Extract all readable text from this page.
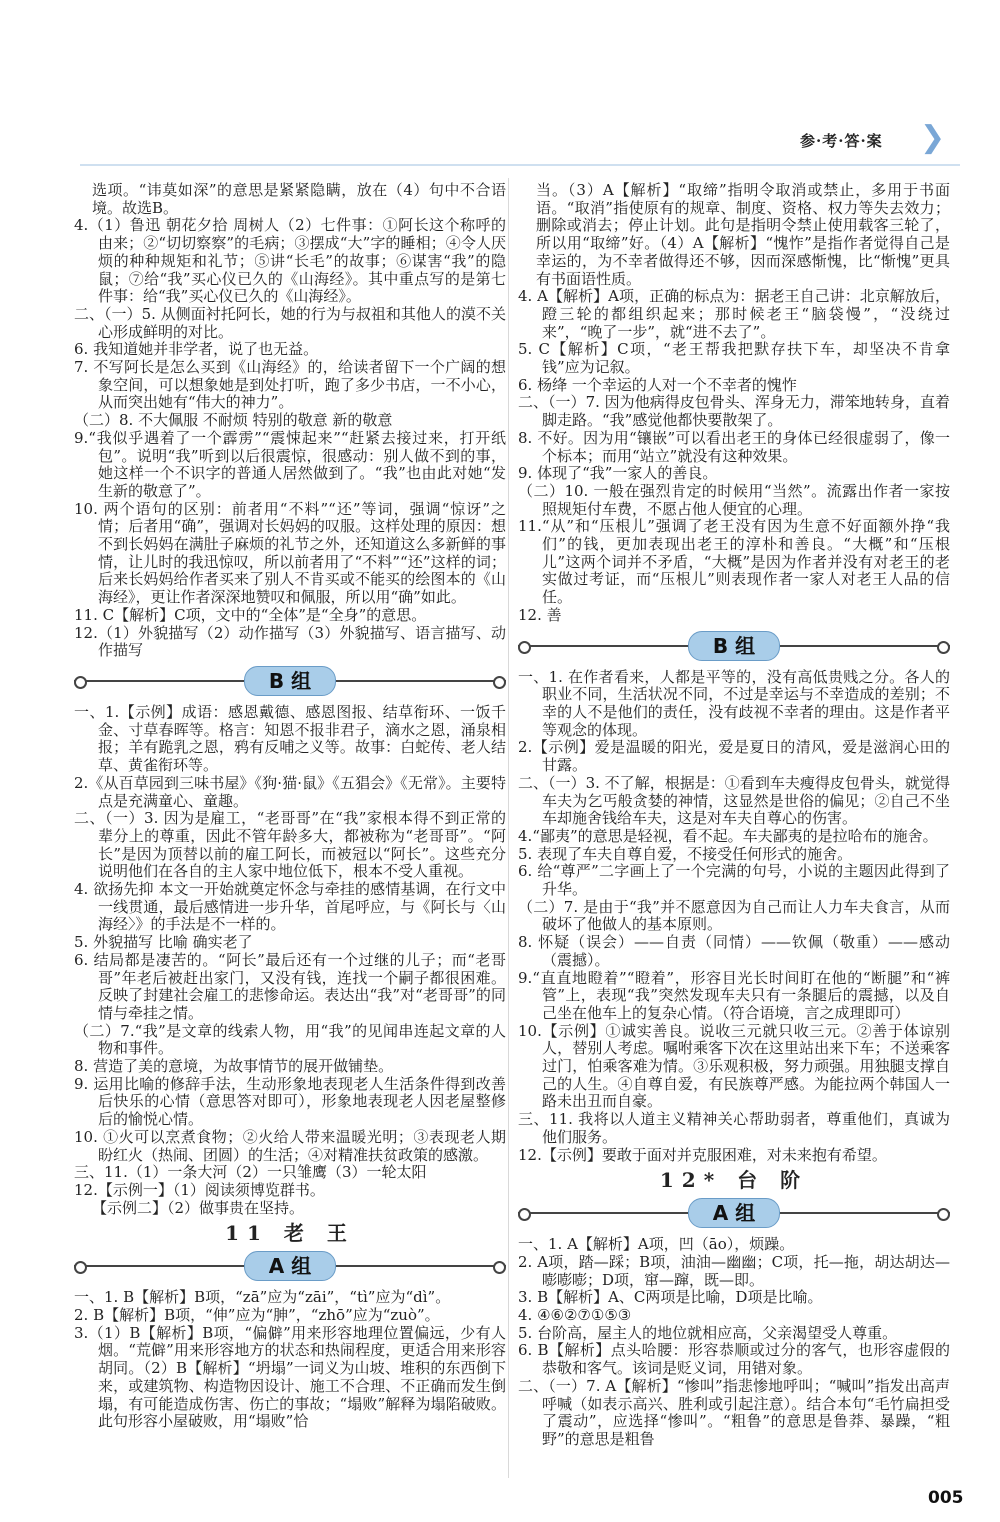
参·考·答·案 ❯

选项。“讳莫如深”的意思是紧紧隐瞒，放在（4）句中不合语境。故选B。

4.（1）鲁迅 朝花夕拾 周树人（2）七件事：①阿长这个称呼的由来；②“切切察察”的毛病；③摆成“大”字的睡相；④令人厌烦的种种规矩和礼节；⑤讲“长毛”的故事；⑥谋害“我”的隐鼠；⑦给“我”买心仪已久的《山海经》。其中重点写的是第七件事：给“我”买心仪已久的《山海经》。

二、（一）5. 从侧面衬托阿长，她的行为与叔祖和其他人的漠不关心形成鲜明的对比。

6. 我知道她并非学者，说了也无益。

7. 不写阿长是怎么买到《山海经》的，给读者留下一个广阔的想象空间，可以想象她是到处打听，跑了多少书店，一不小心，从而突出她有“伟大的神力”。

（二）8. 不大佩服 不耐烦 特别的敬意 新的敬意

9.“我似乎遇着了一个霹雳”“震悚起来”“赶紧去接过来，打开纸包”。说明“我”听到以后很震惊，很感动：别人做不到的事，她这样一个不识字的普通人居然做到了。“我”也由此对她“发生新的敬意了”。

10. 两个语句的区别：前者用“不料”“还”等词，强调“惊讶”之情；后者用“确”，强调对长妈妈的叹服。这样处理的原因：想不到长妈妈在满肚子麻烦的礼节之外，还知道这么多新鲜的事情，让儿时的我迅惊叹，所以前者用了“不料”“还”这样的词；后来长妈妈给作者买来了别人不肯买或不能买的绘图本的《山海经》，更让作者深深地赞叹和佩服，所以用“确”如此。

11. C【解析】C项，文中的“全体”是“全身”的意思。

12.（1）外貌描写（2）动作描写（3）外貌描写、语言描写、动作描写

B 组

一、1.【示例】成语：感恩戴德、感恩图报、结草衔环、一饭千金、寸草春晖等。格言：知恩不报非君子，滴水之恩，涌泉相报；羊有跪乳之恩，鸦有反哺之义等。故事：白蛇传、老人结草、黄雀衔环等。

2.《从百草园到三味书屋》《狗·猫·鼠》《五猖会》《无常》。主要特点是充满童心、童趣。

二、（一）3. 因为是雇工，“老哥哥”在“我”家根本得不到正常的辈分上的尊重，因此不管年龄多大，都被称为“老哥哥”。“阿长”是因为顶替以前的雇工阿长，而被冠以“阿长”。这些充分说明他们在各自的主人家中地位低下，根本不受人重视。

4. 欲扬先抑 本文一开始就奠定怀念与牵挂的感情基调，在行文中一线贯通，最后感情进一步升华，首尾呼应，与《阿长与〈山海经〉》的手法是不一样的。

5. 外貌描写 比喻 确实老了

6. 结局都是凄苦的。“阿长”最后还有一个过继的儿子；而“老哥哥”年老后被赶出家门，又没有钱，连找一个嗣子都很困难。反映了封建社会雇工的悲惨命运。表达出“我”对“老哥哥”的同情与牵挂之情。

（二）7.“我”是文章的线索人物，用“我”的见闻串连起文章的人物和事件。

8. 营造了美的意境，为故事情节的展开做铺垫。

9. 运用比喻的修辞手法，生动形象地表现老人生活条件得到改善后快乐的心情（意思答对即可），形象地表现老人因老屋整修后的愉悦心情。

10. ①火可以烹煮食物；②火给人带来温暖光明；③表现老人期盼红火（热闹、团圆）的生活；④对精准扶贫政策的感激。

三、11.（1）一条大河（2）一只雏鹰（3）一轮太阳

12.【示例一】（1）阅读须博览群书。

【示例二】（2）做事贵在坚持。

11 老 王
A 组

一、1. B【解析】B项，“zā”应为“zāi”，“tì”应为“dì”。

2. B【解析】B项，“伸”应为“胂”，“zhō”应为“zuò”。

3.（1）B【解析】B项，“偏僻”用来形容地理位置偏远，少有人烟。“荒僻”用来形容地方的状态和热闹程度，更适合用来形容胡同。（2）B【解析】“坍塌”一词义为山坡、堆积的东西倒下来，或建筑物、构造物因设计、施工不合理、不正确而发生倒塌，有可能造成伤害、伤亡的事故；“塌败”解释为塌陷破败。此句形容小屋破败，用“塌败”恰

当。（3）A【解析】“取缔”指明令取消或禁止，多用于书面语。“取消”指使原有的规章、制度、资格、权力等失去效力；删除或消去；停止计划。此句是指明令禁止使用载客三轮了，所以用“取缔”好。（4）A【解析】“愧怍”是指作者觉得自己是幸运的，为不幸者做得还不够，因而深感惭愧，比“惭愧”更具有书面语性质。

4. A【解析】A项，正确的标点为：据老王自己讲：北京解放后，蹬三轮的都组织起来；那时候老王“脑袋慢”，“没绕过来”，“晚了一步”，就“进不去了”。

5. C【解析】C项，“老王帮我把默存扶下车，却坚决不肯拿钱”应为记叙。

6. 杨绛 一个幸运的人对一个不幸者的愧怍

二、（一）7. 因为他病得皮包骨头、浑身无力，滞笨地转身，直着脚走路。“我”感觉他都快要散架了。

8. 不好。因为用“镶嵌”可以看出老王的身体已经很虚弱了，像一个标本；而用“站立”就没有这种效果。

9. 体现了“我”一家人的善良。

（二）10. 一般在强烈肯定的时候用“当然”。流露出作者一家按照规矩付车费，不愿占他人便宜的心理。

11.“从”和“压根儿”强调了老王没有因为生意不好面额外挣“我们”的钱，更加表现出老王的淳朴和善良。“大概”和“压根儿”这两个词并不矛盾，“大概”是因为作者并没有对老王的老实做过考证，而“压根儿”则表现作者一家人对老王人品的信任。

12. 善

B 组

一、1. 在作者看来，人都是平等的，没有高低贵贱之分。各人的职业不同，生活状况不同，不过是幸运与不幸造成的差别；不幸的人不是他们的责任，没有歧视不幸者的理由。这是作者平等观念的体现。

2.【示例】爱是温暖的阳光，爱是夏日的清风，爱是滋润心田的甘露。

二、（一）3. 不了解，根据是：①看到车夫瘦得皮包骨头，就觉得车夫为乞丐般贪婪的神情，这显然是世俗的偏见；②自己不坐车却施舍钱给车夫，这是对车夫自尊心的伤害。

4.“鄙夷”的意思是轻视，看不起。车夫鄙夷的是拉哈布的施舍。

5. 表现了车夫自尊自爱，不接受任何形式的施舍。

6. 给“尊严”二字画上了一个完满的句号，小说的主题因此得到了升华。

（二）7. 是由于“我”并不愿意因为自己而让人力车夫食言，从而破坏了他做人的基本原则。

8. 怀疑（误会）——自责（同情）——钦佩（敬重）——感动（震撼）。

9.“直直地瞪着”“瞪着”，形容目光长时间盯在他的“断腿”和“裤管”上，表现“我”突然发现车夫只有一条腿后的震撼，以及自己坐在他车上的复杂心情。（符合语境，言之成理即可）

10.【示例】①诚实善良。说收三元就只收三元。②善于体谅别人，替别人考虑。嘱咐乘客下次在这里站出来下车；不送乘客过门，怕乘客难为情。③乐观积极，努力顽强。用独腿支撑自己的人生。④自尊自爱，有民族尊严感。为能拉两个韩国人一路未出丑而自豪。

三、11. 我将以人道主义精神关心帮助弱者，尊重他们，真诚为他们服务。

12.【示例】要敢于面对并克服困难，对未来抱有希望。

12* 台 阶
A 组

一、1. A【解析】A项，凹（āo），烦躁。

2. A项，踏—踩；B项，油油—幽幽；C项，托—拖，胡达胡达—嘭嘭嘭；D项，窜—蹿，既—即。

3. B【解析】A、C两项是比喻，D项是比喻。

4. ④⑥②⑦①⑤③

5. 台阶高，屋主人的地位就相应高，父亲渴望受人尊重。

6. B【解析】点头哈腰：形容恭顺或过分的客气，也形容虚假的恭敬和客气。该词是贬义词，用错对象。

二、（一）7. A【解析】“惨叫”指悲惨地呼叫；“喊叫”指发出高声呼喊（如表示高兴、胜利或引起注意）。结合本句“毛竹扁担受了震动”，应选择“惨叫”。“粗鲁”的意思是鲁莽、暴躁，“粗野”的意思是粗鲁

005
